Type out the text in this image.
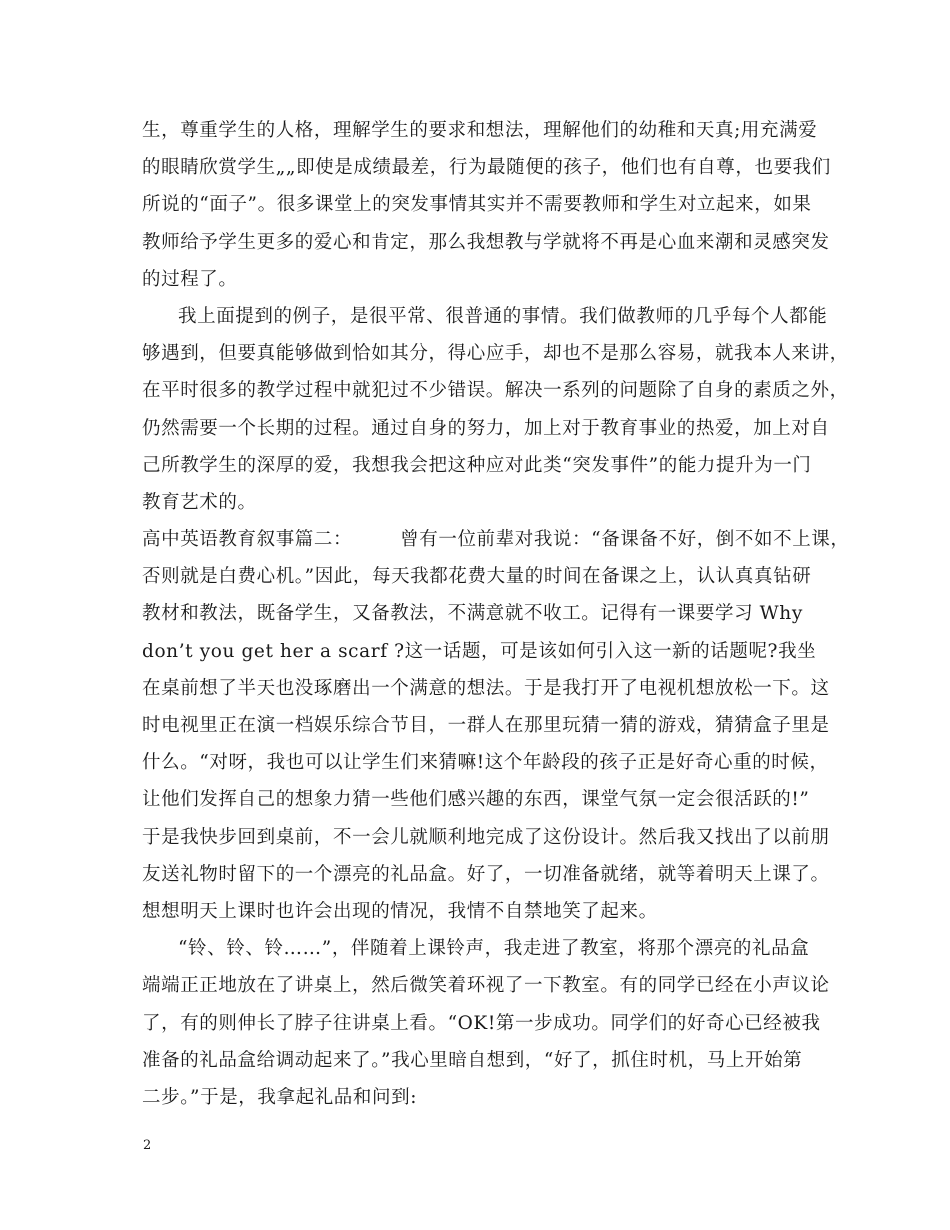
生，尊重学生的人格，理解学生的要求和想法，理解他们的幼稚和天真;用充满爱
的眼睛欣赏学生„„即使是成绩最差，行为最随便的孩子，他们也有自尊，也要我们
所说的“面子”。很多课堂上的突发事情其实并不需要教师和学生对立起来，如果
教师给予学生更多的爱心和肯定，那么我想教与学就将不再是心血来潮和灵感突发
的过程了。
我上面提到的例子，是很平常、很普通的事情。我们做教师的几乎每个人都能
够遇到，但要真能够做到恰如其分，得心应手，却也不是那么容易，就我本人来讲，
在平时很多的教学过程中就犯过不少错误。解决一系列的问题除了自身的素质之外，
仍然需要一个长期的过程。通过自身的努力，加上对于教育事业的热爱，加上对自
己所教学生的深厚的爱，我想我会把这种应对此类“突发事件”的能力提升为一门
教育艺术的。
高中英语教育叙事篇二：　　　曾有一位前辈对我说：“备课备不好，倒不如不上课，
否则就是白费心机。”因此，每天我都花费大量的时间在备课之上，认认真真钻研
教材和教法，既备学生，又备教法，不满意就不收工。记得有一课要学习 Why
don’t you get her a scarf ?这一话题，可是该如何引入这一新的话题呢?我坐
在桌前想了半天也没琢磨出一个满意的想法。于是我打开了电视机想放松一下。这
时电视里正在演一档娱乐综合节目，一群人在那里玩猜一猜的游戏，猜猜盒子里是
什么。“对呀，我也可以让学生们来猜嘛!这个年龄段的孩子正是好奇心重的时候，
让他们发挥自己的想象力猜一些他们感兴趣的东西，课堂气氛一定会很活跃的!”
于是我快步回到桌前，不一会儿就顺利地完成了这份设计。然后我又找出了以前朋
友送礼物时留下的一个漂亮的礼品盒。好了，一切准备就绪，就等着明天上课了。
想想明天上课时也许会出现的情况，我情不自禁地笑了起来。
“铃、铃、铃……”，伴随着上课铃声，我走进了教室，将那个漂亮的礼品盒
端端正正地放在了讲桌上，然后微笑着环视了一下教室。有的同学已经在小声议论
了，有的则伸长了脖子往讲桌上看。“OK!第一步成功。同学们的好奇心已经被我
准备的礼品盒给调动起来了。”我心里暗自想到，“好了，抓住时机，马上开始第
二步。”于是，我拿起礼品和问到:
2
